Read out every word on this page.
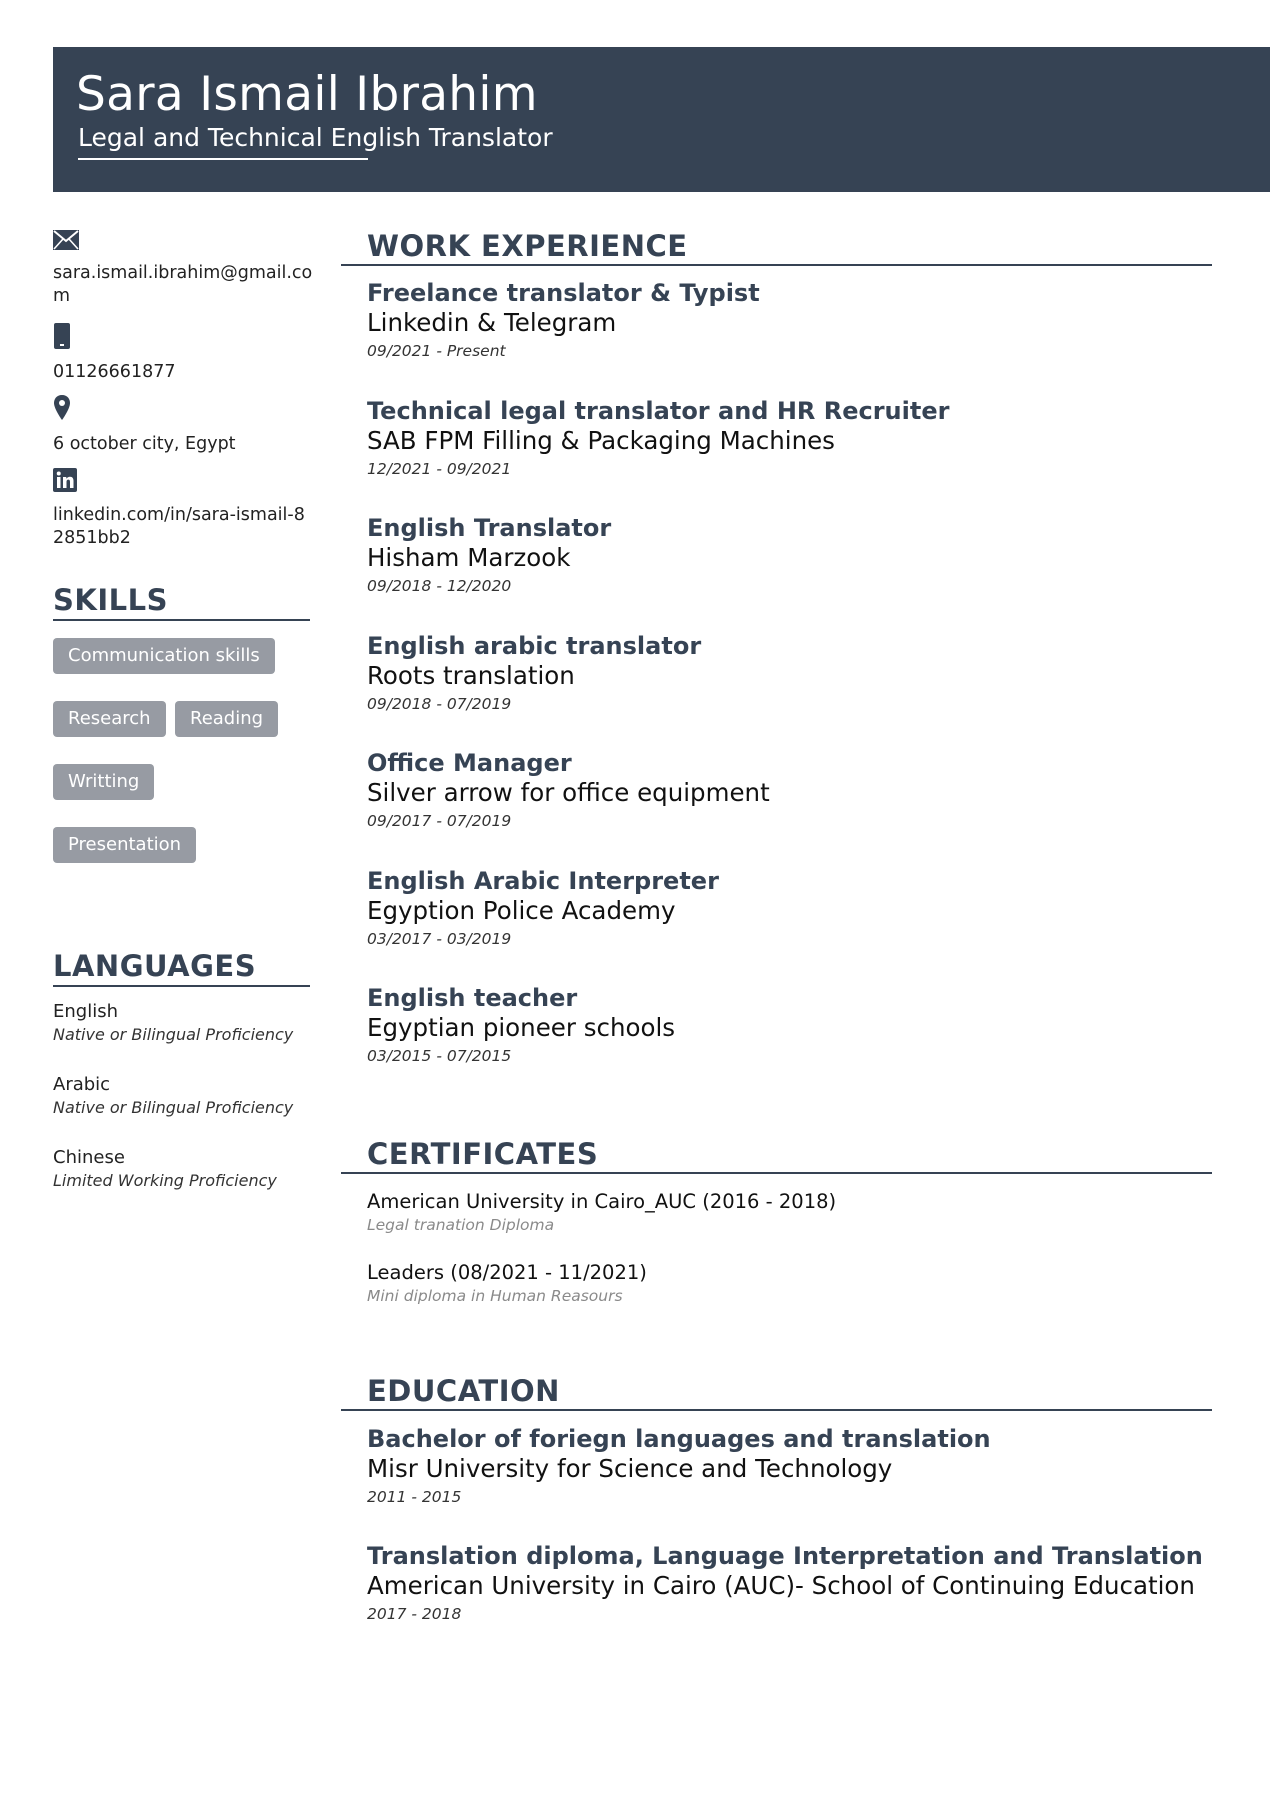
Sara Ismail Ibrahim
Legal and Technical English Translator
sara.ismail.ibrahim@gmail.com
01126661877
6 october city, Egypt
linkedin.com/in/sara-ismail-82851bb2
SKILLS
Communication skills
Research	Reading
Writting
Presentation
LANGUAGES
English
Native or Bilingual Proficiency
Arabic
Native or Bilingual Proficiency
Chinese
Limited Working Proficiency
WORK EXPERIENCE
Freelance translator & Typist
Linkedin & Telegram
09/2021 - Present
Technical legal translator and HR Recruiter
SAB FPM Filling & Packaging Machines
12/2021 - 09/2021
English Translator
Hisham Marzook
09/2018 - 12/2020
English arabic translator
Roots translation
09/2018 - 07/2019
Office Manager
Silver arrow for office equipment
09/2017 - 07/2019
English Arabic Interpreter
Egyption Police Academy
03/2017 - 03/2019
English teacher
Egyptian pioneer schools
03/2015 - 07/2015
CERTIFICATES
American University in Cairo_AUC (2016 - 2018)
Legal tranation Diploma
Leaders (08/2021 - 11/2021)
Mini diploma in Human Reasours
EDUCATION
Bachelor of foriegn languages and translation
Misr University for Science and Technology
2011 - 2015
Translation diploma, Language Interpretation and Translation
American University in Cairo (AUC)- School of Continuing Education
2017 - 2018
